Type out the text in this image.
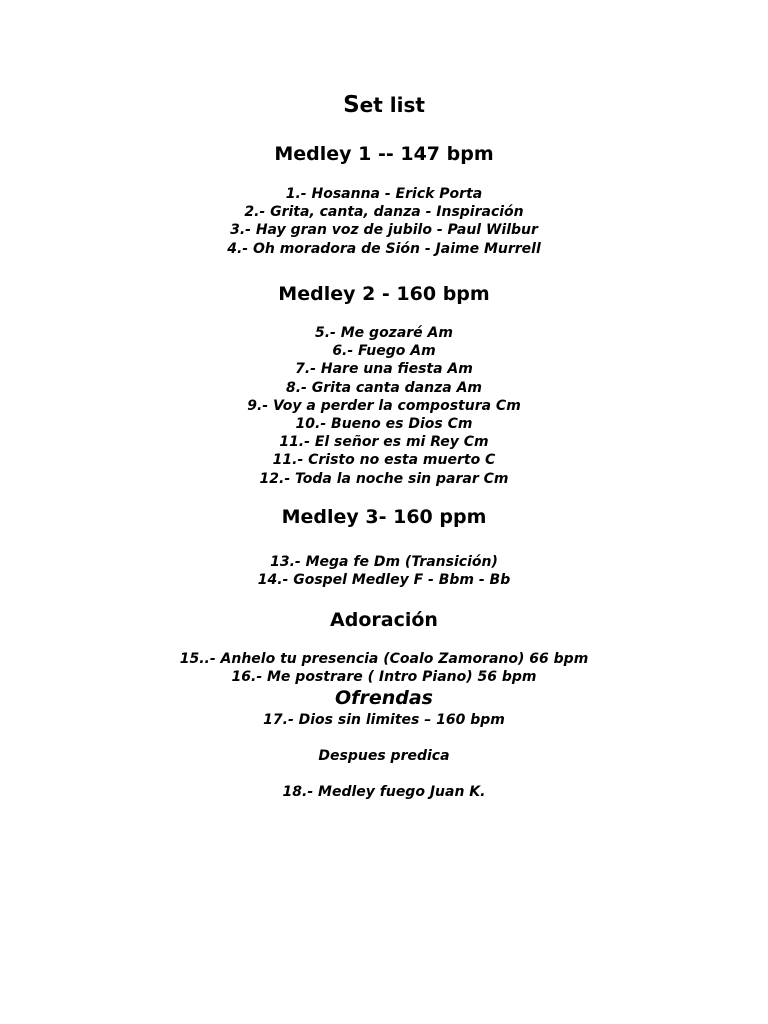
Set list
Medley 1 -- 147 bpm
1.- Hosanna - Erick Porta
2.- Grita, canta, danza - Inspiración
3.- Hay gran voz de jubilo - Paul Wilbur
4.- Oh moradora de Sión - Jaime Murrell
Medley 2 - 160 bpm
5.- Me gozaré Am
6.- Fuego Am
7.- Hare una fiesta Am
8.- Grita canta danza Am
9.- Voy a perder la compostura Cm
10.- Bueno es Dios Cm
11.- El señor es mi Rey Cm
11.- Cristo no esta muerto C
12.- Toda la noche sin parar Cm
Medley 3- 160 ppm
13.- Mega fe Dm (Transición)
14.- Gospel Medley F - Bbm - Bb
Adoración
15..- Anhelo tu presencia (Coalo Zamorano) 66 bpm
16.- Me postrare ( Intro Piano) 56 bpm
Ofrendas
17.- Dios sin limites – 160 bpm
Despues predica
18.- Medley fuego Juan K.
